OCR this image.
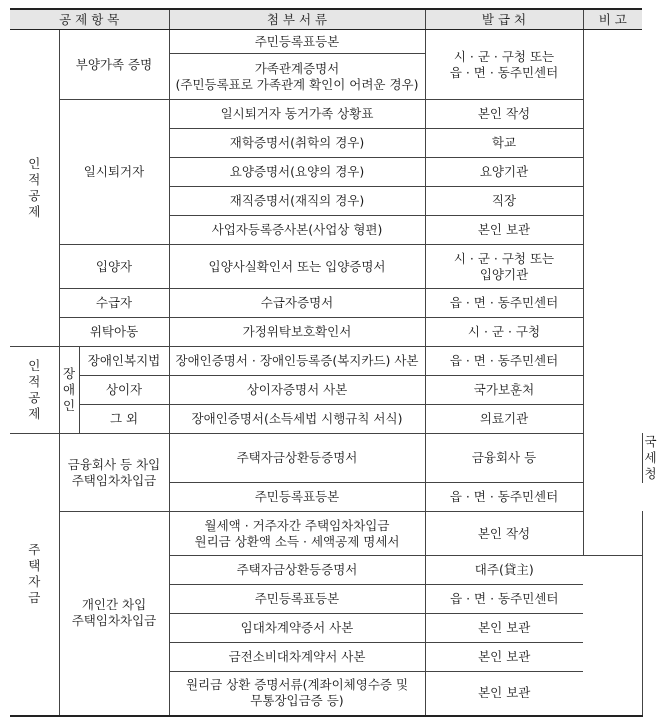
공 제 항 목			첨 부 서 류	발 급 처	비 고	
인
적
공
제	부양가족 증명		주민등록표등본	시 · 군 · 구청 또는
읍 · 면 · 동주민센터		
			가족관계증명서
(주민등록표로 가족관계 확인이 어려운 경우)			
	일시퇴거자		일시퇴거자 동거가족 상황표	본인 작성		
			재학증명서(취학의 경우)	학교		
			요양증명서(요양의 경우)	요양기관		
			재직증명서(재직의 경우)	직장		
			사업자등록증사본(사업상 형편)	본인 보관		
	입양자		입양사실확인서 또는 입양증명서	시 · 군 · 구청 또는
입양기관		
	수급자		수급자증명서	읍 · 면 · 동주민센터		
	위탁아동		가정위탁보호확인서	시 · 군 · 구청		
인
적
공
제	장
애
인	장애인복지법	장애인증명서 · 장애인등록증(복지카드) 사본	읍 · 면 · 동주민센터		
		상이자	상이자증명서 사본	국가보훈처		
		그 외	장애인증명서(소득세법 시행규칙 서식)	의료기관		
주
택
자
금	금융회사 등 차입
주택임차차입금		주택자금상환등증명서	금융회사 등		국세청
			주민등록표등본	읍 · 면 · 동주민센터		
	개인간 차입
주택임차차입금		월세액 · 거주자간 주택임차차입금
원리금 상환액 소득 · 세액공제 명세서	본인 작성		
			주택자금상환등증명서	대주(貸主)		
			주민등록표등본	읍 · 면 · 동주민센터		
			임대차계약증서 사본	본인 보관		
			금전소비대차계약서 사본	본인 보관		
			원리금 상환 증명서류(계좌이체영수증 및
무통장입금증 등)	본인 보관		
